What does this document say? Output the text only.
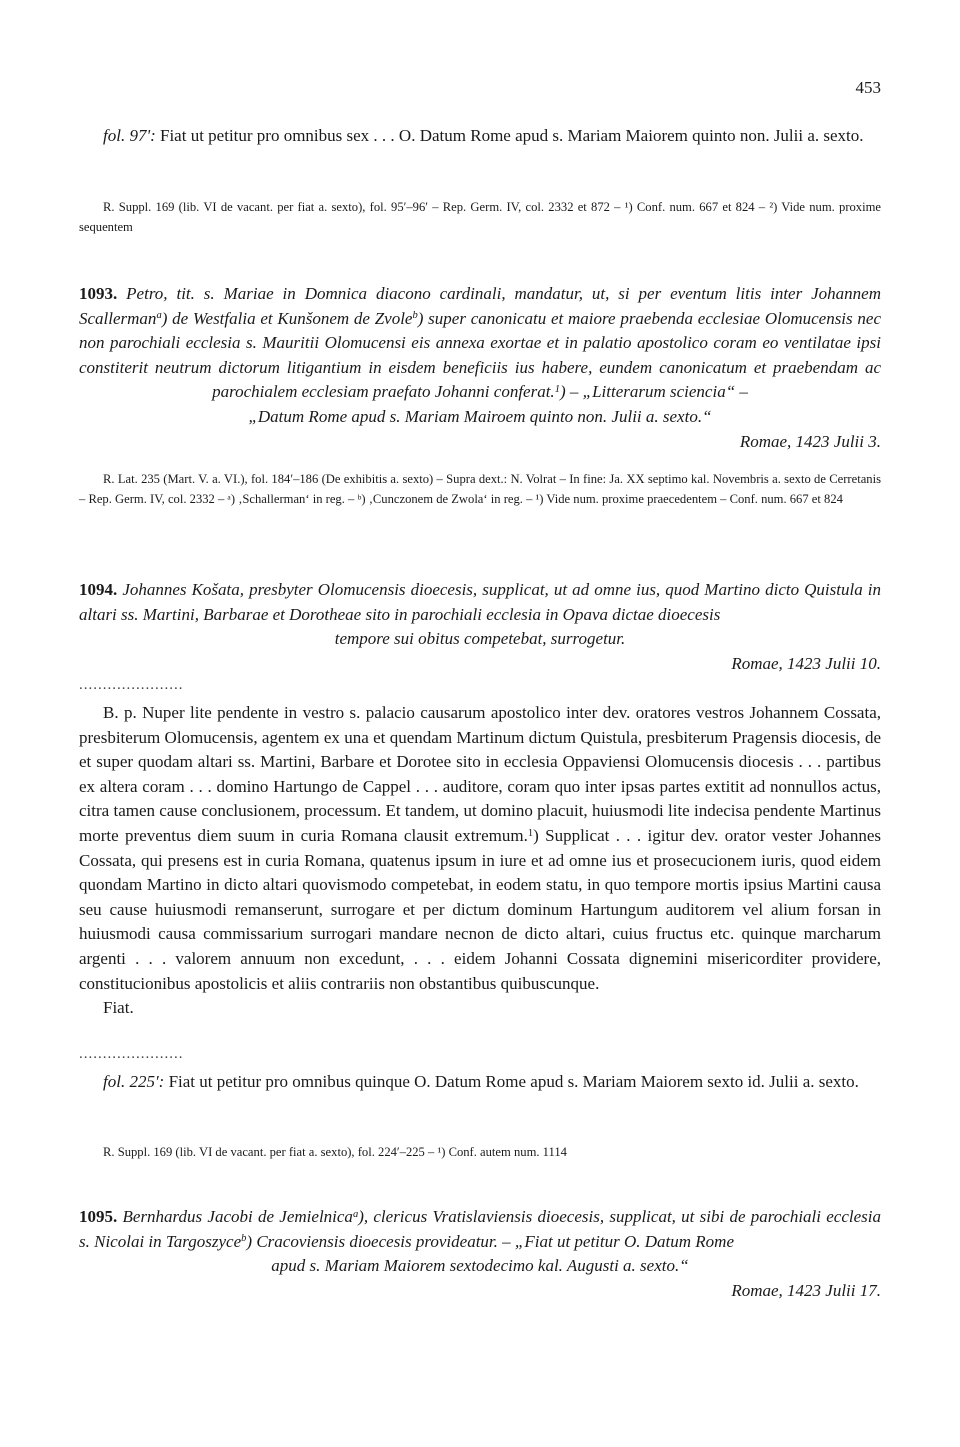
453

fol. 97': Fiat ut petitur pro omnibus sex . . . O. Datum Rome apud s. Mariam Maiorem quinto non. Julii a. sexto.

R. Suppl. 169 (lib. VI de vacant. per fiat a. sexto), fol. 95′–96′ – Rep. Germ. IV, col. 2332 et 872 – ¹) Conf. num. 667 et 824 – ²) Vide num. proxime sequentem

1093. Petro, tit. s. Mariae in Domnica diacono cardinali, mandatur, ut, si per eventum litis inter Johannem Scallerman$^a$) de Westfalia et Kunšonem de Zvole$^b$) super canonicatu et maiore praebenda ecclesiae Olomucensis nec non parochiali ecclesia s. Mauritii Olomucensi eis annexa exortae et in palatio apostolico coram eo ventilatae ipsi constiterit neutrum dictorum litigantium in eisdem beneficiis ius habere, eundem canonicatum et praebendam ac parochialem ecclesiam praefato Johanni conferat.$^1$) – „Litterarum sciencia“ –

„Datum Rome apud s. Mariam Mairoem quinto non. Julii a. sexto.“

Romae, 1423 Julii 3.

R. Lat. 235 (Mart. V. a. VI.), fol. 184′–186 (De exhibitis a. sexto) – Supra dext.: N. Volrat – In fine: Ja. XX septimo kal. Novembris a. sexto de Cerretanis – Rep. Germ. IV, col. 2332 – ᵃ) ‚Schallerman‘ in reg. – ᵇ) ‚Cunczonem de Zwola‘ in reg. – ¹) Vide num. proxime praecedentem – Conf. num. 667 et 824

1094. Johannes Košata, presbyter Olomucensis dioecesis, supplicat, ut ad omne ius, quod Martino dicto Quistula in altari ss. Martini, Barbarae et Dorotheae sito in parochiali ecclesia in Opava dictae dioecesis

tempore sui obitus competebat, surrogetur.

Romae, 1423 Julii 10.

......................

B. p. Nuper lite pendente in vestro s. palacio causarum apostolico inter dev. oratores vestros Johannem Cossata, presbiterum Olomucensis, agentem ex una et quendam Martinum dictum Quistula, presbiterum Pragensis diocesis, de et super quodam altari ss. Martini, Barbare et Dorotee sito in ecclesia Oppaviensi Olomucensis diocesis . . . partibus ex altera coram . . . domino Hartungo de Cappel . . . auditore, coram quo inter ipsas partes extitit ad nonnullos actus, citra tamen cause conclusionem, processum. Et tandem, ut domino placuit, huiusmodi lite indecisa pendente Martinus morte preventus diem suum in curia Romana clausit extremum.$^1$) Supplicat . . . igitur dev. orator vester Johannes Cossata, qui presens est in curia Romana, quatenus ipsum in iure et ad omne ius et prosecucionem iuris, quod eidem quondam Martino in dicto altari quovismodo competebat, in eodem statu, in quo tempore mortis ipsius Martini causa seu cause huiusmodi remanserunt, surrogare et per dictum dominum Hartungum auditorem vel alium forsan in huiusmodi causa commissarium surrogari mandare necnon de dicto altari, cuius fructus etc. quinque marcharum argenti . . . valorem annuum non excedunt, . . . eidem Johanni Cossata dignemini misericorditer providere, constitucionibus apostolicis et aliis contrariis non obstantibus quibuscunque.

Fiat.

......................

fol. 225′: Fiat ut petitur pro omnibus quinque O. Datum Rome apud s. Mariam Maiorem sexto id. Julii a. sexto.

R. Suppl. 169 (lib. VI de vacant. per fiat a. sexto), fol. 224′–225 – ¹) Conf. autem num. 1114

1095. Bernhardus Jacobi de Jemielnica$^a$), clericus Vratislaviensis dioecesis, supplicat, ut sibi de parochiali ecclesia s. Nicolai in Targoszyce$^b$) Cracoviensis dioecesis provideatur. – „Fiat ut petitur O. Datum Rome

apud s. Mariam Maiorem sextodecimo kal. Augusti a. sexto.“

Romae, 1423 Julii 17.
